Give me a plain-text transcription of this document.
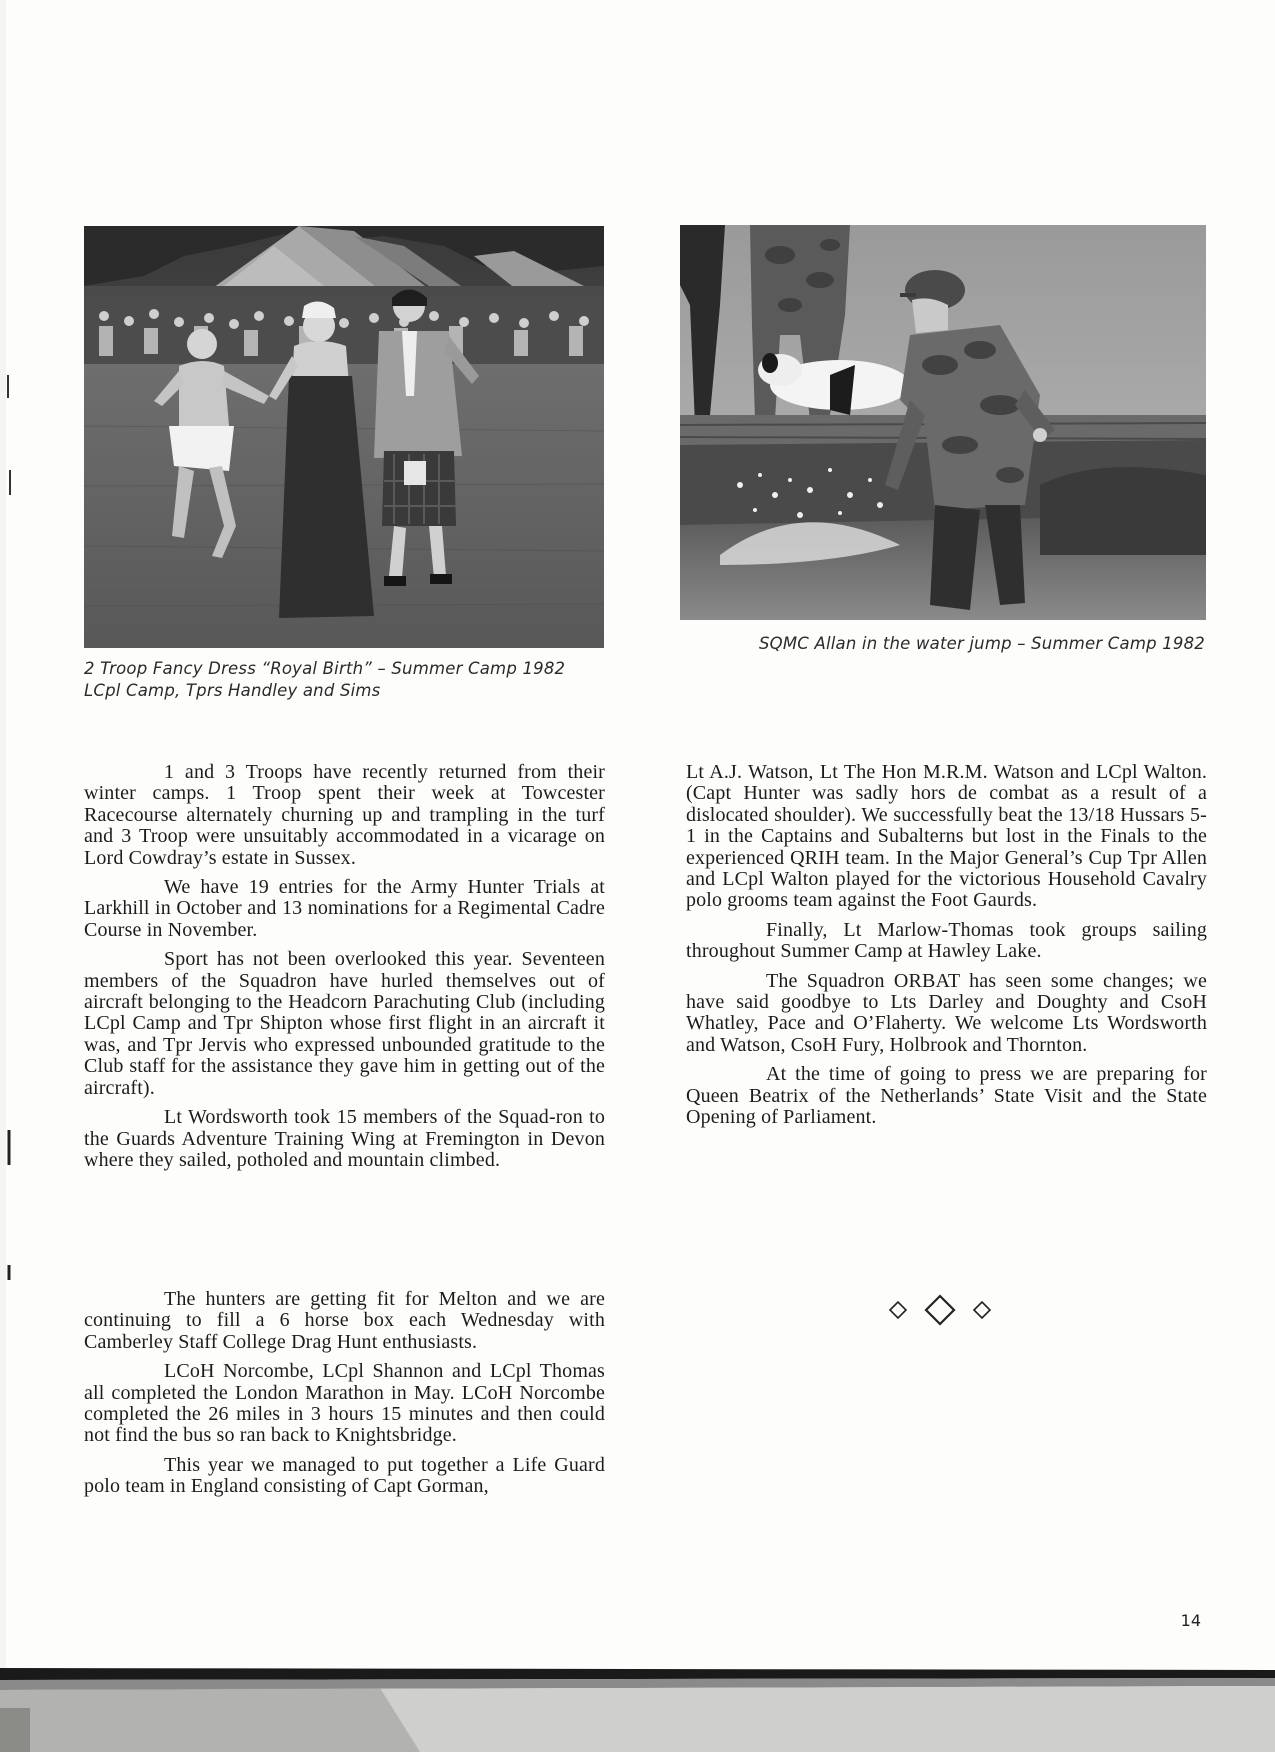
2 Troop Fancy Dress “Royal Birth” – Summer Camp 1982
LCpl Camp, Tprs Handley and Sims
SQMC Allan in the water jump – Summer Camp 1982

1 and 3 Troops have recently returned from their winter camps. 1 Troop spent their week at Towcester Racecourse alternately churning up and trampling in the turf and 3 Troop were unsuitably accommodated in a vicarage on Lord Cowdray’s estate in Sussex.

We have 19 entries for the Army Hunter Trials at Larkhill in October and 13 nominations for a Regimental Cadre Course in November.

Sport has not been overlooked this year. Seventeen members of the Squadron have hurled themselves out of aircraft belonging to the Headcorn Parachuting Club (including LCpl Camp and Tpr Shipton whose first flight in an aircraft it was, and Tpr Jervis who expressed unbounded gratitude to the Club staff for the assistance they gave him in getting out of the aircraft).

Lt Wordsworth took 15 members of the Squad-ron to the Guards Adventure Training Wing at Fremington in Devon where they sailed, potholed and mountain climbed.

The hunters are getting fit for Melton and we are continuing to fill a 6 horse box each Wednesday with Camberley Staff College Drag Hunt enthusiasts.

LCoH Norcombe, LCpl Shannon and LCpl Thomas all completed the London Marathon in May. LCoH Norcombe completed the 26 miles in 3 hours 15 minutes and then could not find the bus so ran back to Knightsbridge.

This year we managed to put together a Life Guard polo team in England consisting of Capt Gorman,

Lt A.J. Watson, Lt The Hon M.R.M. Watson and LCpl Walton. (Capt Hunter was sadly hors de combat as a result of a dislocated shoulder). We successfully beat the 13/18 Hussars 5-1 in the Captains and Subalterns but lost in the Finals to the experienced QRIH team. In the Major General’s Cup Tpr Allen and LCpl Walton played for the victorious Household Cavalry polo grooms team against the Foot Gaurds.

Finally, Lt Marlow-Thomas took groups sailing throughout Summer Camp at Hawley Lake.

The Squadron ORBAT has seen some changes; we have said goodbye to Lts Darley and Doughty and CsoH Whatley, Pace and O’Flaherty. We welcome Lts Wordsworth and Watson, CsoH Fury, Holbrook and Thornton.

At the time of going to press we are preparing for Queen Beatrix of the Netherlands’ State Visit and the State Opening of Parliament.

14
